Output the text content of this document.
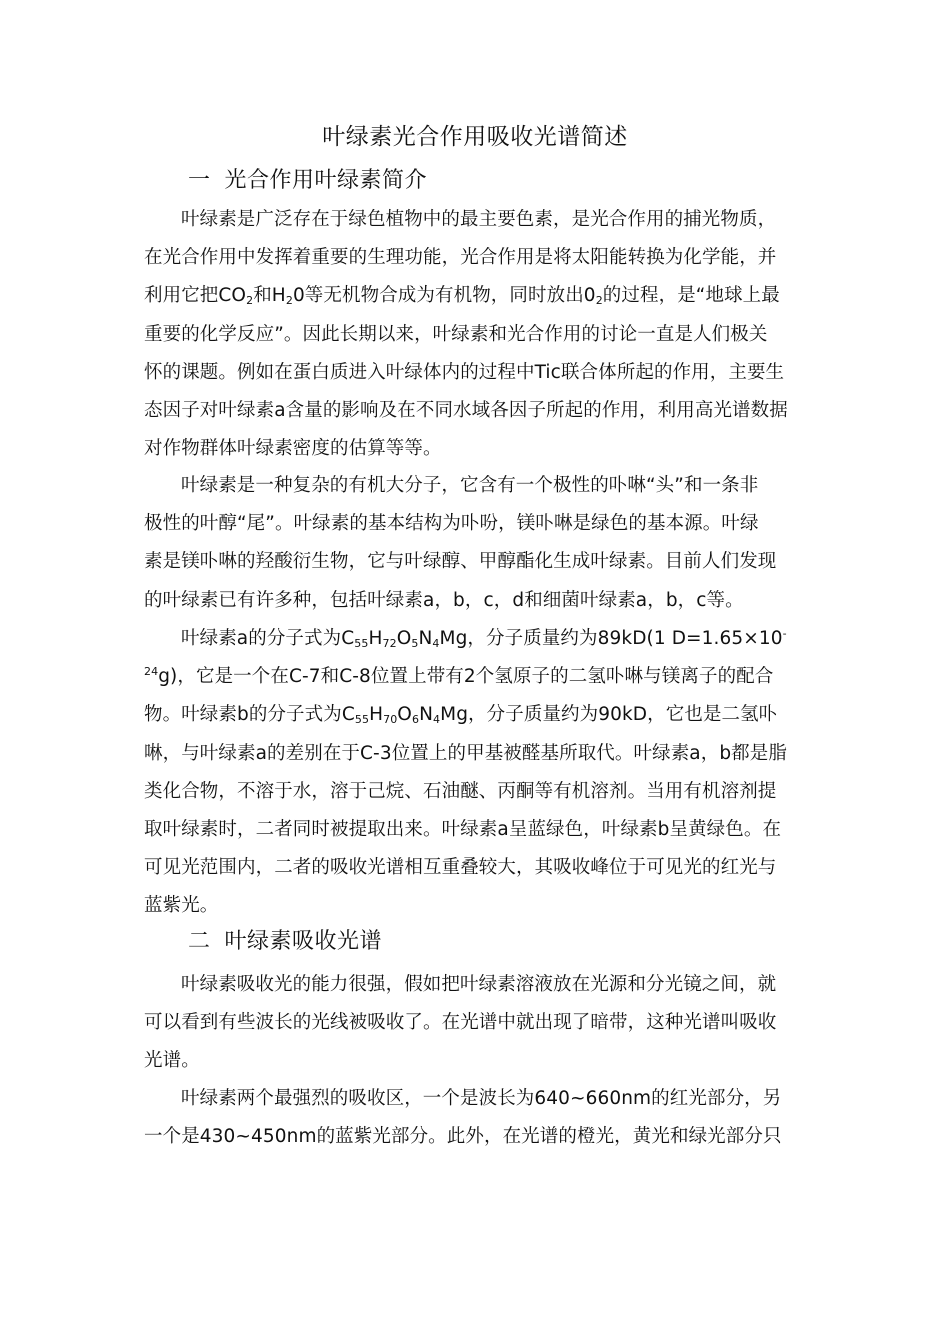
叶绿素光合作用吸收光谱简述
一 光合作用叶绿素简介
叶绿素是广泛存在于绿色植物中的最主要色素，是光合作用的捕光物质，
在光合作用中发挥着重要的生理功能，光合作用是将太阳能转换为化学能，并
利用它把$CO_2$和$H_20$等无机物合成为有机物，同时放出$0_2$的过程，是“地球上最
重要的化学反应”。因此长期以来，叶绿素和光合作用的讨论一直是人们极关
怀的课题。例如在蛋白质进入叶绿体内的过程中Tic联合体所起的作用，主要生
态因子对叶绿素a含量的影响及在不同水域各因子所起的作用，利用高光谱数据
对作物群体叶绿素密度的估算等等。
叶绿素是一种复杂的有机大分子，它含有一个极性的卟啉“头”和一条非
极性的叶醇“尾”。叶绿素的基本结构为卟吩，镁卟啉是绿色的基本源。叶绿
素是镁卟啉的羟酸衍生物，它与叶绿醇、甲醇酯化生成叶绿素。目前人们发现
的叶绿素已有许多种，包括叶绿素a，b，c，d和细菌叶绿素a，b，c等。
叶绿素a的分子式为$C_{55}H_{72}O_5N_4Mg$，分子质量约为89kD(1 D=1.65×10-
$^{24}$g)，它是一个在C-7和C-8位置上带有2个氢原子的二氢卟啉与镁离子的配合
物。叶绿素b的分子式为$C_{55}H_{70}O_6N_4Mg$，分子质量约为90kD，它也是二氢卟
啉，与叶绿素a的差别在于C-3位置上的甲基被醛基所取代。叶绿素a，b都是脂
类化合物，不溶于水，溶于己烷、石油醚、丙酮等有机溶剂。当用有机溶剂提
取叶绿素时，二者同时被提取出来。叶绿素a呈蓝绿色，叶绿素b呈黄绿色。在
可见光范围内，二者的吸收光谱相互重叠较大，其吸收峰位于可见光的红光与
蓝紫光。
二 叶绿素吸收光谱
叶绿素吸收光的能力很强，假如把叶绿素溶液放在光源和分光镜之间，就
可以看到有些波长的光线被吸收了。在光谱中就出现了暗带，这种光谱叫吸收
光谱。
叶绿素两个最强烈的吸收区，一个是波长为640~660nm的红光部分，另
一个是430~450nm的蓝紫光部分。此外，在光谱的橙光，黄光和绿光部分只
